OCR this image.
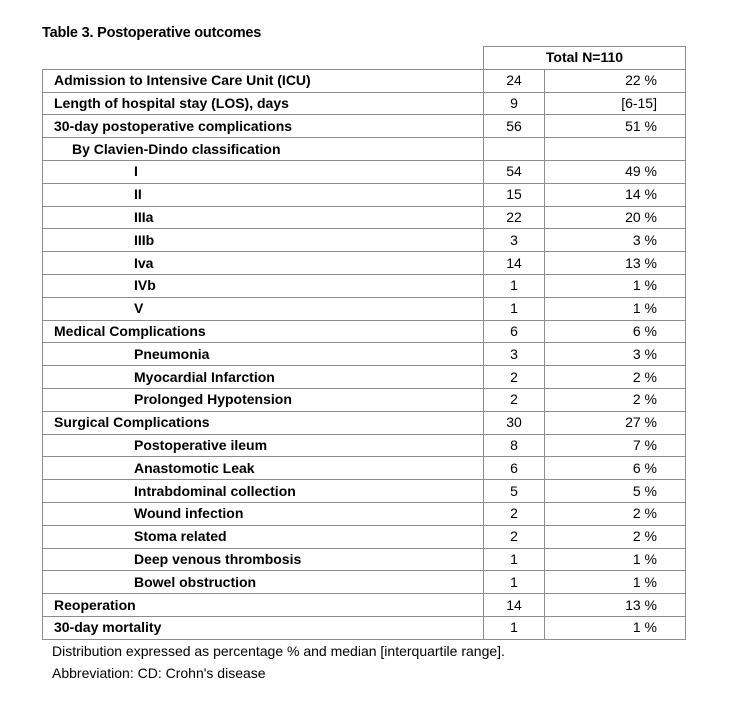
Table 3. Postoperative outcomes
	Total N=110	
Admission to Intensive Care Unit (ICU)	24	22 %
Length of hospital stay (LOS), days	9	[6-15]
30-day postoperative complications	56	51 %
By Clavien-Dindo classification		
I	54	49 %
II	15	14 %
IIIa	22	20 %
IIIb	3	3 %
Iva	14	13 %
IVb	1	1 %
V	1	1 %
Medical Complications	6	6 %
Pneumonia	3	3 %
Myocardial Infarction	2	2 %
Prolonged Hypotension	2	2 %
Surgical Complications	30	27 %
Postoperative ileum	8	7 %
Anastomotic Leak	6	6 %
Intrabdominal collection	5	5 %
Wound infection	2	2 %
Stoma related	2	2 %
Deep venous thrombosis	1	1 %
Bowel obstruction	1	1 %
Reoperation	14	13 %
30-day mortality	1	1 %
Distribution expressed as percentage % and median [interquartile range].
Abbreviation: CD: Crohn's disease
